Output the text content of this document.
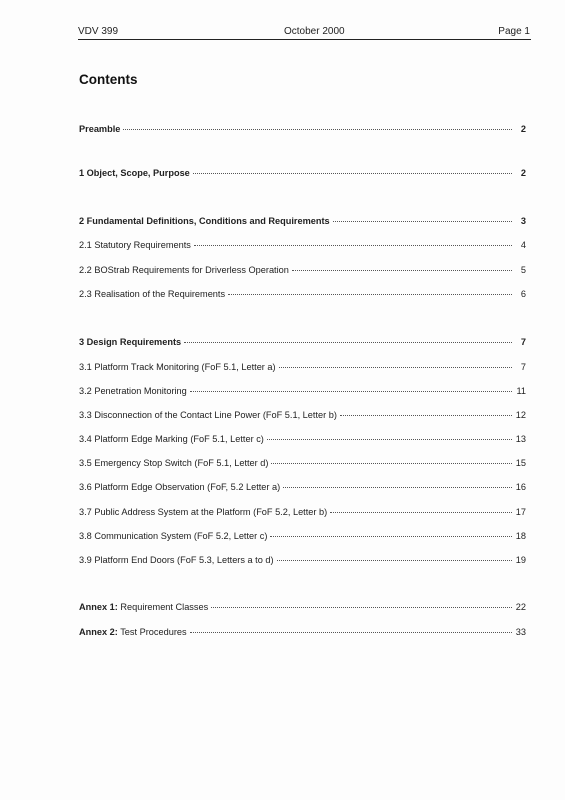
VDV 399	October 2000	Page 1
Contents
Preamble	2
1 Object, Scope, Purpose	2
2 Fundamental Definitions, Conditions and Requirements	3
2.1 Statutory Requirements	4
2.2 BOStrab Requirements for Driverless Operation	5
2.3 Realisation of the Requirements	6
3 Design Requirements	7
3.1 Platform Track Monitoring (FoF 5.1, Letter a)	7
3.2 Penetration Monitoring	11
3.3 Disconnection of the Contact Line Power (FoF 5.1, Letter b)	12
3.4 Platform Edge Marking (FoF 5.1, Letter c)	13
3.5 Emergency Stop Switch (FoF 5.1, Letter d)	15
3.6 Platform Edge Observation (FoF, 5.2 Letter a)	16
3.7 Public Address System at the Platform (FoF 5.2, Letter b)	17
3.8 Communication System (FoF 5.2, Letter c)	18
3.9 Platform End Doors (FoF 5.3, Letters a to d)	19
Annex 1: Requirement Classes	22
Annex 2: Test Procedures	33
